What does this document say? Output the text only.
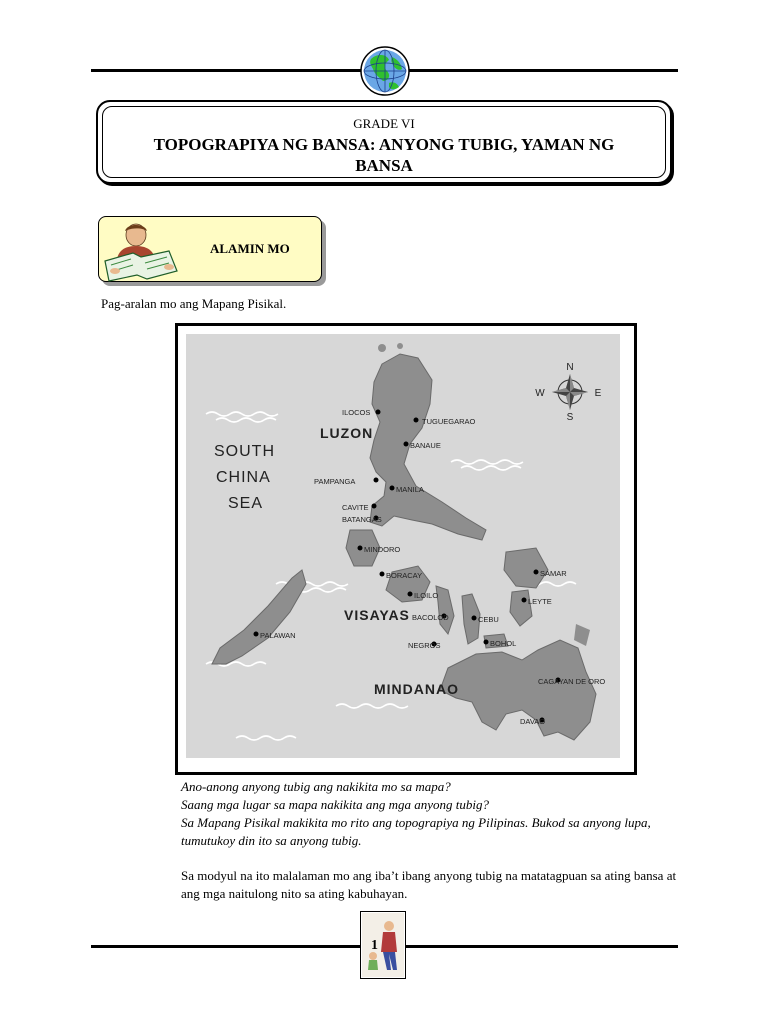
GRADE VI
TOPOGRAPIYA NG BANSA: ANYONG TUBIG, YAMAN NG BANSA
ALAMIN MO
Pag-aralan mo ang Mapang Pisikal.
N
S
E
W
SOUTH
CHINA
SEA
LUZON
VISAYAS
MINDANAO
ILOCOS
TUGUEGARAO
BANAUE
PAMPANGA
MANILA
CAVITE
BATANGAS
MINDORO
BORACAY	SAMAR
LEYTE
ILOILO
PALAWAN
BACOLOD	CEBU
NEGROS	BOHOL
CAGAYAN DE ORO
DAVAO
Ano-anong anyong tubig ang nakikita mo sa mapa?
Saang mga lugar sa mapa nakikita ang mga anyong tubig?
Sa Mapang Pisikal makikita mo rito ang topograpiya ng Pilipinas. Bukod sa anyong lupa, tumutukoy din ito sa anyong tubig.
Sa modyul na ito malalaman mo ang iba’t ibang anyong tubig na matatagpuan sa ating bansa at ang mga naitulong nito sa ating kabuhayan.
1
